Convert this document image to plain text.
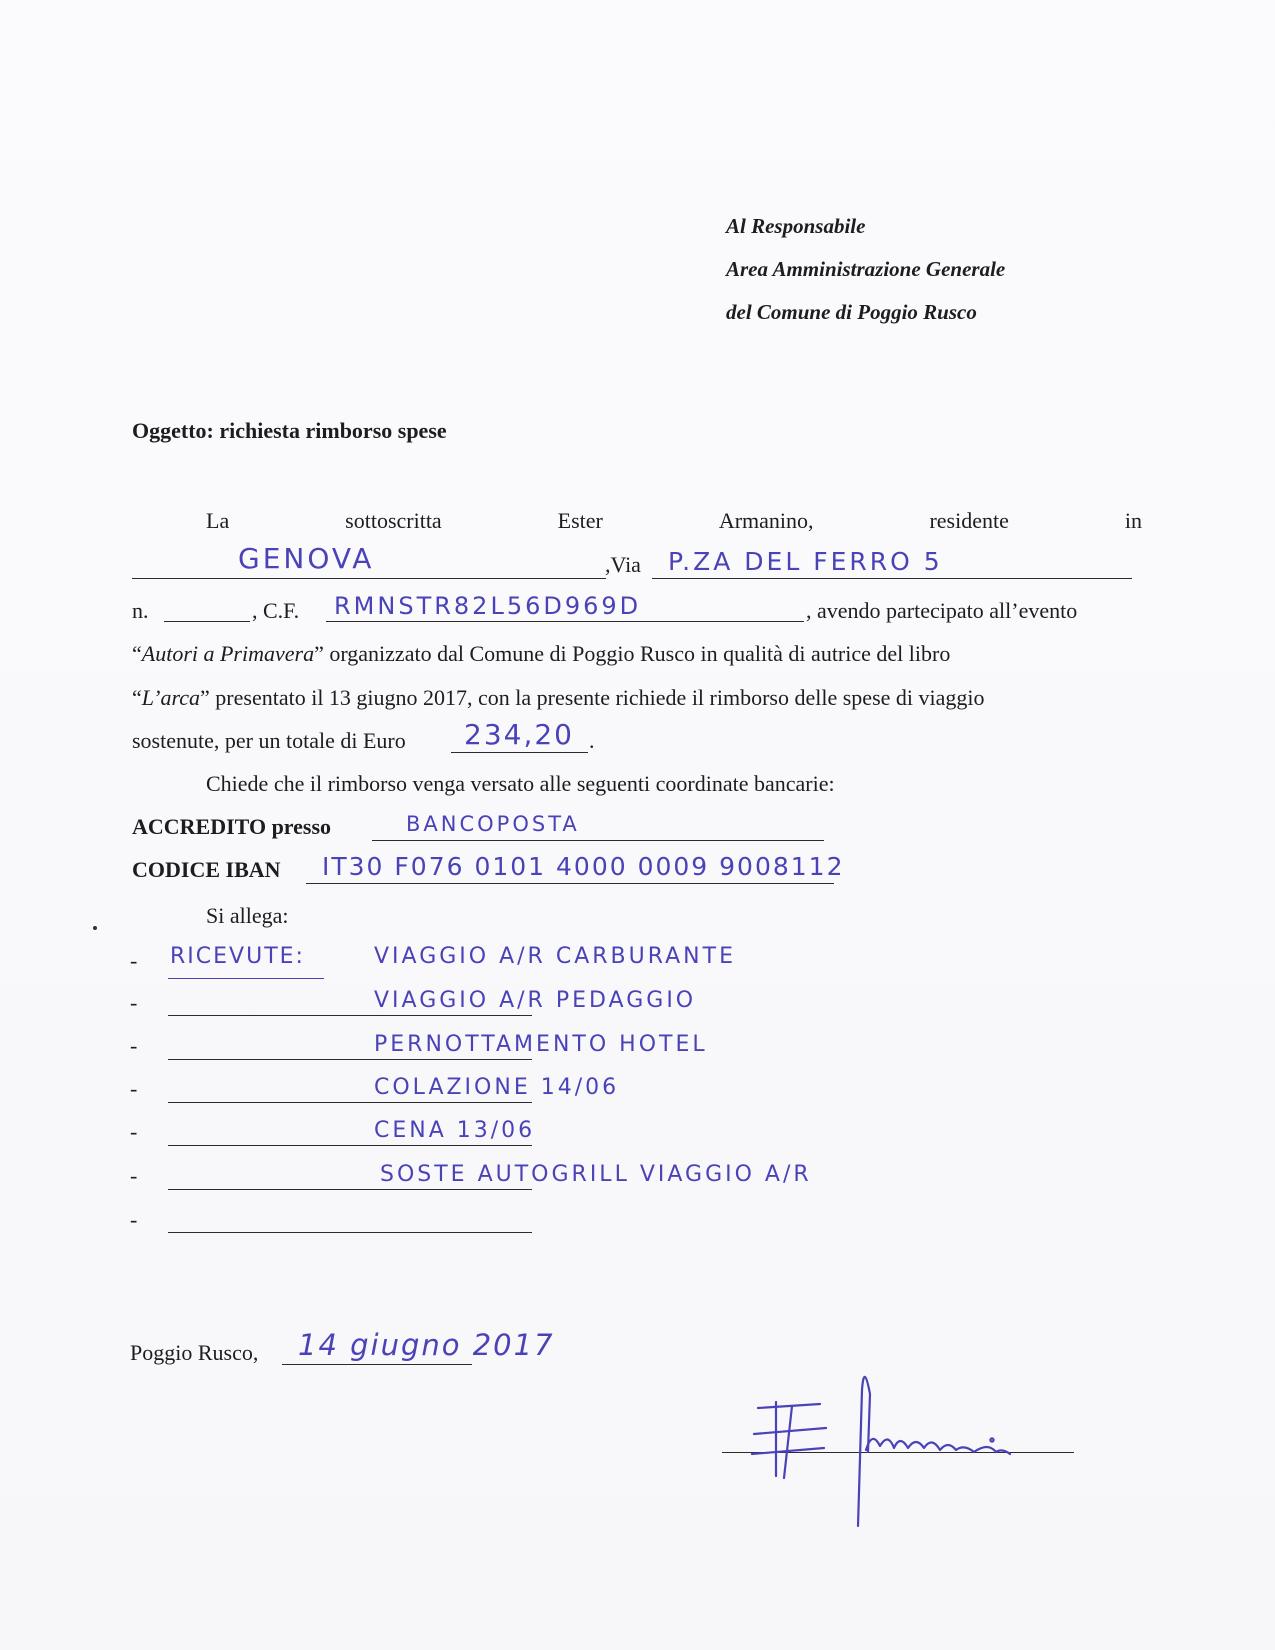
Al Responsabile
Area Amministrazione Generale
del Comune di Poggio Rusco
Oggetto: richiesta rimborso spese
La	sottoscritta	Ester	Armanino,	residente	in
GENOVA	,Via P.ZA DEL FERRO 5
n.	, C.F. RMNSTR82L56D969D	, avendo partecipato all’evento
“Autori a Primavera” organizzato dal Comune di Poggio Rusco in qualità di autrice del libro
“L’arca” presentato il 13 giugno 2017, con la presente richiede il rimborso delle spese di viaggio
sostenute, per un totale di Euro 234,20 .
Chiede che il rimborso venga versato alle seguenti coordinate bancarie:
ACCREDITO presso	BANCOPOSTA
CODICE IBAN IT30 F076 0101 4000 0009 9008112
Si allega:
- RICEVUTE:	VIAGGIO A/R CARBURANTE
-	VIAGGIO A/R PEDAGGIO
-	PERNOTTAMENTO HOTEL
-	COLAZIONE 14/06
-	CENA 13/06
-	SOSTE AUTOGRILL VIAGGIO A/R
-
Poggio Rusco, 14 giugno 2017
